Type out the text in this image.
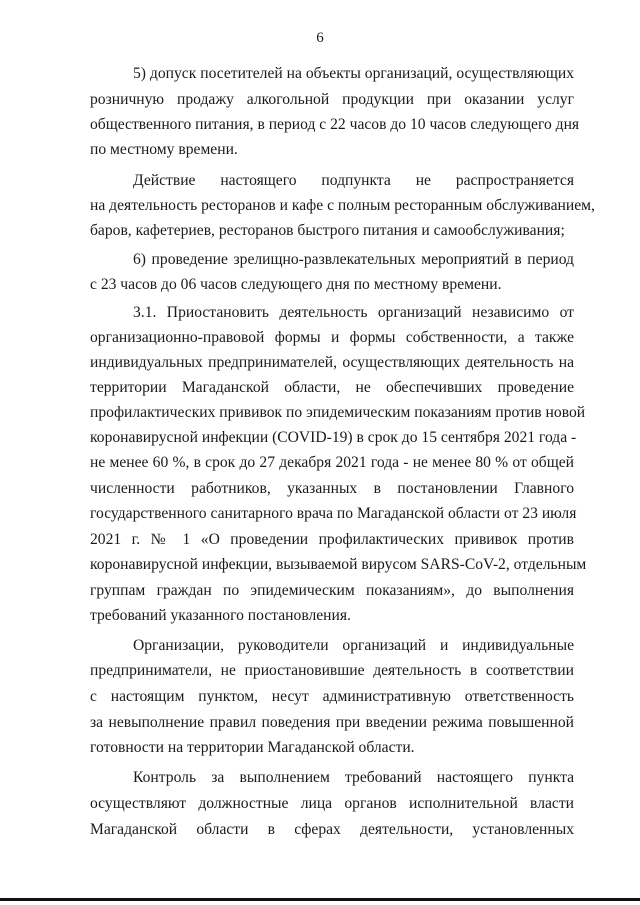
6
5) допуск посетителей на объекты организаций, осуществляющих
розничную продажу алкогольной продукции при оказании услуг
общественного питания, в период с 22 часов до 10 часов следующего дня
по местному времени.
Действие настоящего подпункта не распространяется
на деятельность ресторанов и кафе с полным ресторанным обслуживанием,
баров, кафетериев, ресторанов быстрого питания и самообслуживания;
6) проведение зрелищно-развлекательных мероприятий в период
с 23 часов до 06 часов следующего дня по местному времени.
3.1. Приостановить деятельность организаций независимо от
организационно-правовой формы и формы собственности, а также
индивидуальных предпринимателей, осуществляющих деятельность на
территории Магаданской области, не обеспечивших проведение
профилактических прививок по эпидемическим показаниям против новой
коронавирусной инфекции (COVID-19) в срок до 15 сентября 2021 года -
не менее 60 %, в срок до 27 декабря 2021 года - не менее 80 % от общей
численности работников, указанных в постановлении Главного
государственного санитарного врача по Магаданской области от 23 июля
2021 г. № 1 «О проведении профилактических прививок против
коронавирусной инфекции, вызываемой вирусом SARS-CoV-2, отдельным
группам граждан по эпидемическим показаниям», до выполнения
требований указанного постановления.
Организации, руководители организаций и индивидуальные
предприниматели, не приостановившие деятельность в соответствии
с настоящим пунктом, несут административную ответственность
за невыполнение правил поведения при введении режима повышенной
готовности на территории Магаданской области.
Контроль за выполнением требований настоящего пункта
осуществляют должностные лица органов исполнительной власти
Магаданской области в сферах деятельности, установленных
